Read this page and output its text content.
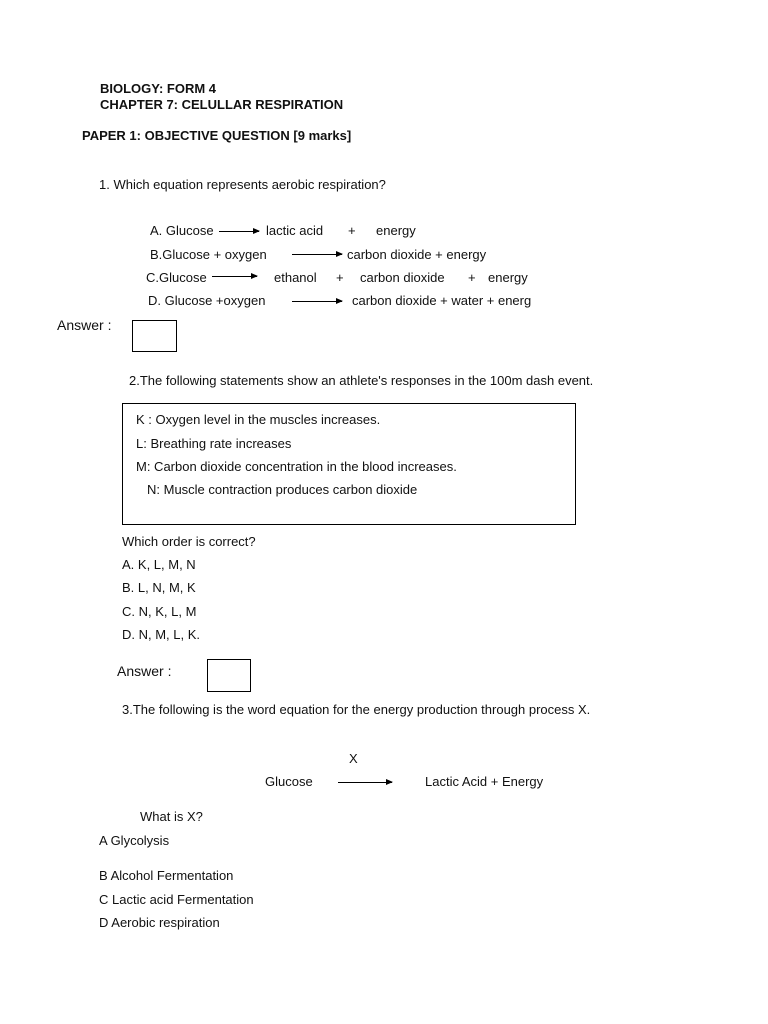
BIOLOGY: FORM 4
CHAPTER 7: CELULLAR RESPIRATION
PAPER 1: OBJECTIVE QUESTION [9 marks]
1. Which equation represents aerobic respiration?
A. Glucose	lactic acid + energy
B.Glucose + oxygen	carbon dioxide + energy
C.Glucose	ethanol + carbon dioxide + energy
D. Glucose +oxygen	carbon dioxide + water + energ
Answer :
2.The following statements show an athlete's responses in the 100m dash event.
K : Oxygen level in the muscles increases.
L: Breathing rate increases
M: Carbon dioxide concentration in the blood increases.
N: Muscle contraction produces carbon dioxide
Which order is correct?
A. K, L, M, N
B. L, N, M, K
C. N, K, L, M
D. N, M, L, K.
Answer :
3.The following is the word equation for the energy production through process X.
X
Glucose	Lactic Acid + Energy
What is X?
A Glycolysis
B Alcohol Fermentation
C Lactic acid Fermentation
D Aerobic respiration
